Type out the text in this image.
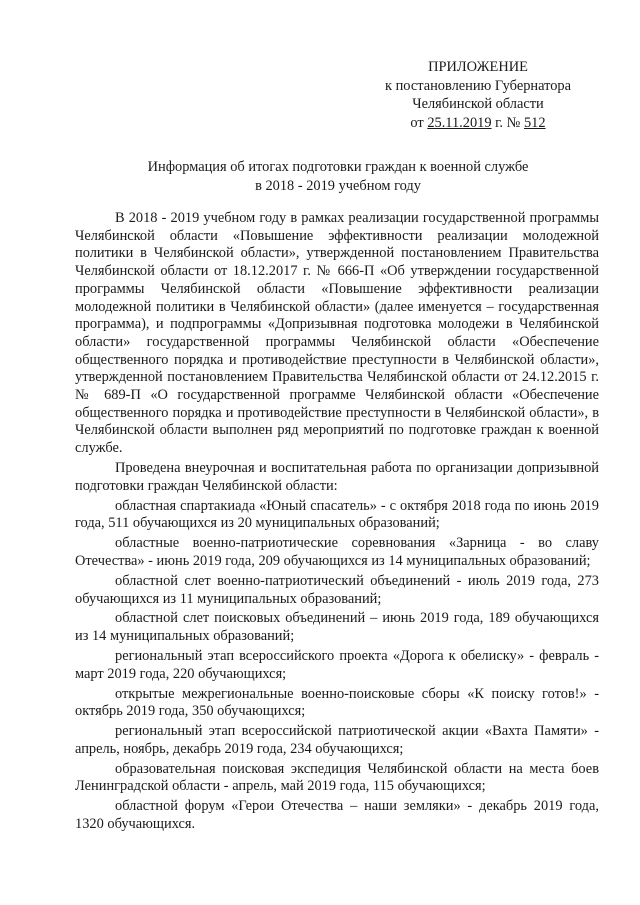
ПРИЛОЖЕНИЕ
к постановлению Губернатора
Челябинской области
от 25.11.2019 г. № 512
Информация об итогах подготовки граждан к военной службе
в 2018 - 2019 учебном году

В 2018 - 2019 учебном году в рамках реализации государственной программы Челябинской области «Повышение эффективности реализации молодежной политики в Челябинской области», утвержденной постановлением Правительства Челябинской области от 18.12.2017 г. № 666-П «Об утверждении государственной программы Челябинской области «Повышение эффективности реализации молодежной политики в Челябинской области» (далее именуется – государственная программа), и подпрограммы «Допризывная подготовка молодежи в Челябинской области» государственной программы Челябинской области «Обеспечение общественного порядка и противодействие преступности в Челябинской области», утвержденной постановлением Правительства Челябинской области от 24.12.2015 г. № 689-П «О государственной программе Челябинской области «Обеспечение общественного порядка и противодействие преступности в Челябинской области», в Челябинской области выполнен ряд мероприятий по подготовке граждан к военной службе.

Проведена внеурочная и воспитательная работа по организации допризывной подготовки граждан Челябинской области:

областная спартакиада «Юный спасатель» - с октября 2018 года по июнь 2019 года, 511 обучающихся из 20 муниципальных образований;

областные военно-патриотические соревнования «Зарница - во славу Отечества» - июнь 2019 года, 209 обучающихся из 14 муниципальных образований;

областной слет военно-патриотический объединений - июль 2019 года, 273 обучающихся из 11 муниципальных образований;

областной слет поисковых объединений – июнь 2019 года, 189 обучающихся из 14 муниципальных образований;

региональный этап всероссийского проекта «Дорога к обелиску» - февраль - март 2019 года, 220 обучающихся;

открытые межрегиональные военно-поисковые сборы «К поиску готов!» - октябрь 2019 года, 350 обучающихся;

региональный этап всероссийской патриотической акции «Вахта Памяти» - апрель, ноябрь, декабрь 2019 года, 234 обучающихся;

образовательная поисковая экспедиция Челябинской области на места боев Ленинградской области - апрель, май 2019 года, 115 обучающихся;

областной форум «Герои Отечества – наши земляки» - декабрь 2019 года, 1320 обучающихся.
